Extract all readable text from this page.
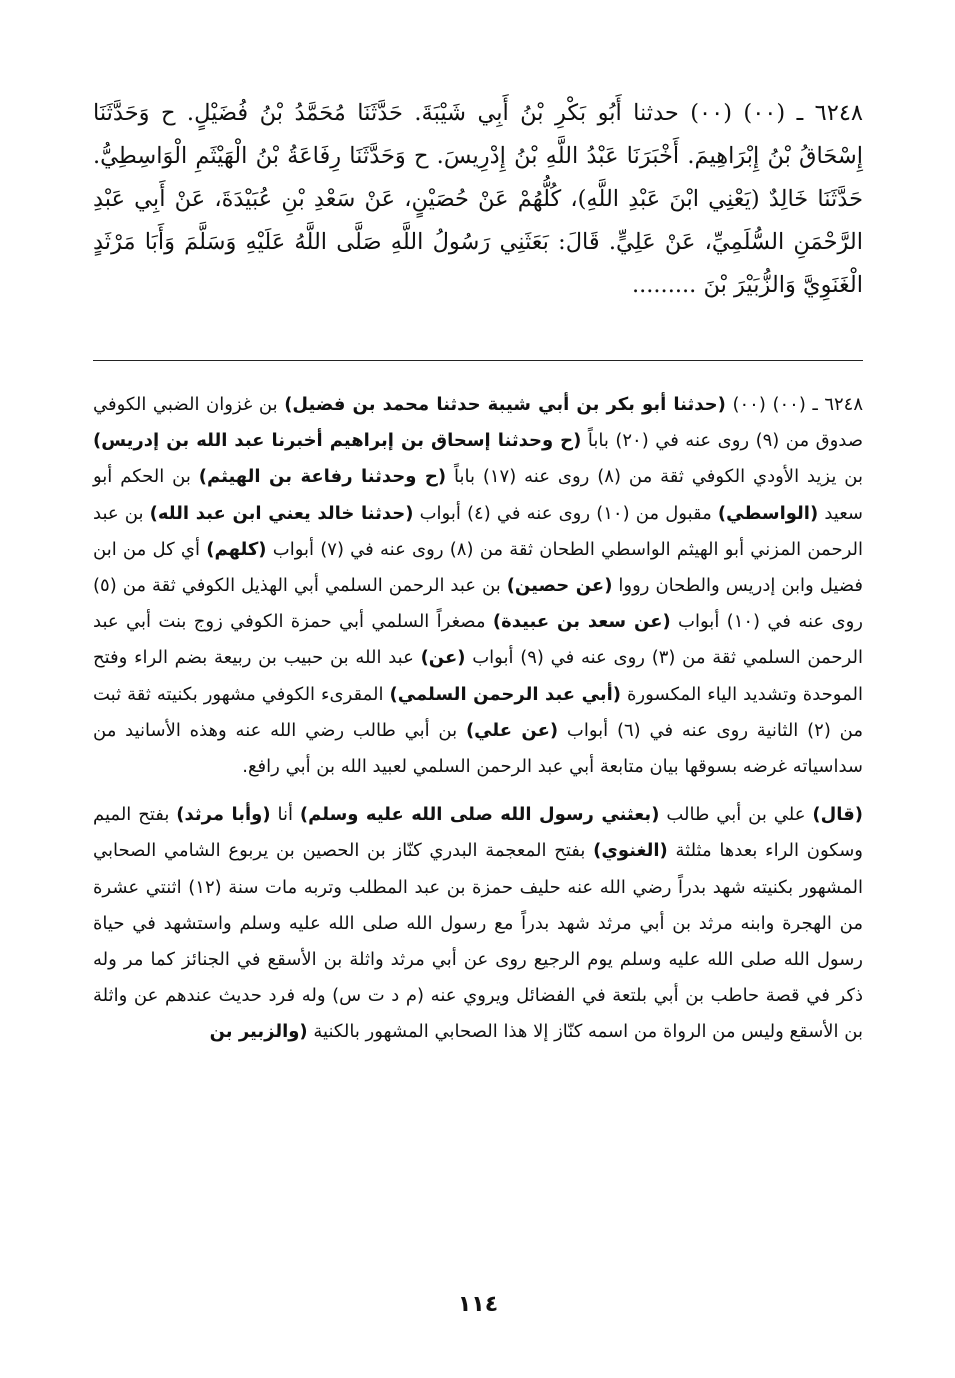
٦٢٤٨ ـ (٠٠) (٠٠) حدثنا أَبُو بَكْرِ بْنُ أَبِي شَيْبَةَ. حَدَّثَنَا مُحَمَّدُ بْنُ فُضَيْلٍ. ح وَحَدَّثَنَا إِسْحَاقُ بْنُ إِبْرَاهِيمَ. أَخْبَرَنَا عَبْدُ اللَّهِ بْنُ إِدْرِيسَ. ح وَحَدَّثَنَا رِفَاعَةُ بْنُ الْهَيْثَمِ الْوَاسِطِيُّ. حَدَّثَنَا خَالِدٌ (يَعْنِي ابْنَ عَبْدِ اللَّهِ)، كُلُّهُمْ عَنْ حُصَيْنٍ، عَنْ سَعْدِ بْنِ عُبَيْدَةَ، عَنْ أَبِي عَبْدِ الرَّحْمَنِ السُّلَمِيِّ، عَنْ عَلِيٍّ. قَالَ: بَعَثَنِي رَسُولُ اللَّهِ صَلَّى اللَّهُ عَلَيْهِ وَسَلَّمَ وَأَبَا مَرْثَدٍ الْغَنَوِيَّ وَالزُّبَيْرَ بْنَ .........

٦٢٤٨ ـ (٠٠) (٠٠) (حدثنا أبو بكر بن أبي شيبة حدثنا محمد بن فضيل) بن غزوان الضبي الكوفي صدوق من (٩) روى عنه في (٢٠) باباً (ح وحدثنا إسحاق بن إبراهيم أخبرنا عبد الله بن إدريس) بن يزيد الأودي الكوفي ثقة من (٨) روى عنه (١٧) باباً (ح وحدثنا رفاعة بن الهيثم) بن الحكم أبو سعيد (الواسطي) مقبول من (١٠) روى عنه في (٤) أبواب (حدثنا خالد يعني ابن عبد الله) بن عبد الرحمن المزني أبو الهيثم الواسطي الطحان ثقة من (٨) روى عنه في (٧) أبواب (كلهم) أي كل من ابن فضيل وابن إدريس والطحان رووا (عن حصين) بن عبد الرحمن السلمي أبي الهذيل الكوفي ثقة من (٥) روى عنه في (١٠) أبواب (عن سعد بن عبيدة) مصغراً السلمي أبي حمزة الكوفي زوج بنت أبي عبد الرحمن السلمي ثقة من (٣) روى عنه في (٩) أبواب (عن) عبد الله بن حبيب بن ربيعة بضم الراء وفتح الموحدة وتشديد الياء المكسورة (أبي عبد الرحمن السلمي) المقرىء الكوفي مشهور بكنيته ثقة ثبت من (٢) الثانية روى عنه في (٦) أبواب (عن علي) بن أبي طالب رضي الله عنه وهذه الأسانيد من سداسياته غرضه بسوقها بيان متابعة أبي عبد الرحمن السلمي لعبيد الله بن أبي رافع.

(قال) علي بن أبي طالب (بعثني رسول الله صلى الله عليه وسلم) أنا (وأبا مرثد) بفتح الميم وسكون الراء بعدها مثلثة (الغنوي) بفتح المعجمة البدري كنّاز بن الحصين بن يربوع الشامي الصحابي المشهور بكنيته شهد بدراً رضي الله عنه حليف حمزة بن عبد المطلب وتربه مات سنة (١٢) اثنتي عشرة من الهجرة وابنه مرثد بن أبي مرثد شهد بدراً مع رسول الله صلى الله عليه وسلم واستشهد في حياة رسول الله صلى الله عليه وسلم يوم الرجيع روى عن أبي مرثد واثلة بن الأسقع في الجنائز كما مر وله ذكر في قصة حاطب بن أبي بلتعة في الفضائل ويروي عنه (م د ت س) وله فرد حديث عندهم عن واثلة بن الأسقع وليس من الرواة من اسمه كنّاز إلا هذا الصحابي المشهور بالكنية (والزبير بن

١١٤
